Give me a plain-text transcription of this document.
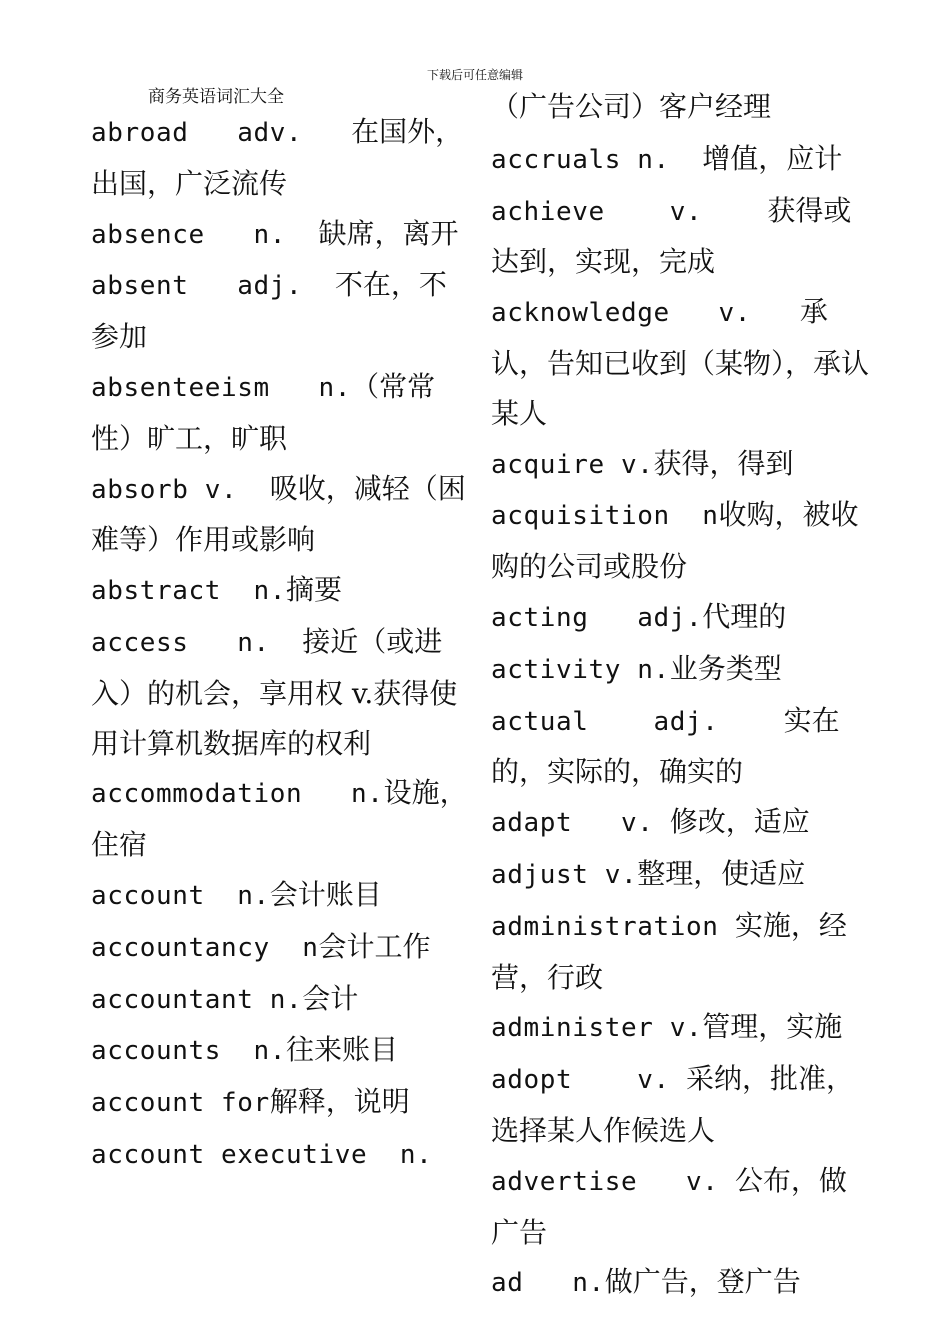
下载后可任意编辑
商务英语词汇大全

abroad   adv.   在国外，出国，广泛流传

absence   n.  缺席，离开

absent   adj.  不在，不参加

absenteeism   n.（常常性）旷工，旷职

absorb v.  吸收，减轻（困难等）作用或影响

abstract  n.摘要

access   n.  接近（或进入）的机会，享用权 v.获得使用计算机数据库的权利

accommodation   n.设施，住宿

account  n.会计账目

accountancy  n会计工作

accountant n.会计

accounts  n.往来账目

account for解释，说明

account executive  n.

（广告公司）客户经理

accruals n.  增值，应计

achieve    v.    获得或达到，实现，完成

acknowledge   v.   承认，告知已收到（某物），承认某人

acquire v.获得，得到

acquisition  n收购，被收购的公司或股份

acting   adj.代理的

activity n.业务类型

actual    adj.    实在的，实际的，确实的

adapt   v. 修改，适应

adjust v.整理，使适应

administration 实施，经营，行政

administer v.管理，实施

adopt    v. 采纳，批准，选择某人作候选人

advertise   v. 公布，做广告

ad   n.做广告，登广告
